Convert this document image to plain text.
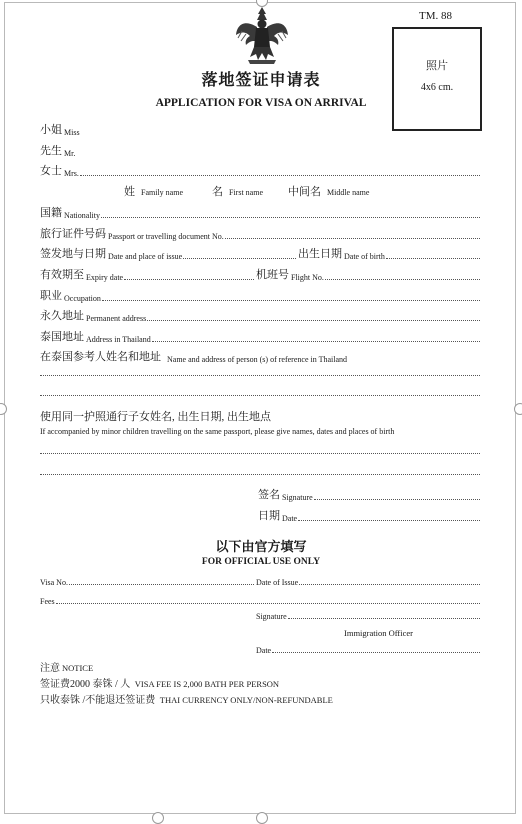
TM. 88
照片
4x6 cm.
落地签证申请表
APPLICATION FOR VISA ON ARRIVAL
小姐 Miss
先生 Mr.
女士 Mrs.
姓 Family name	名 First name 中间名 Middle name
国籍 Nationality
旅行证件号码 Passport or travelling document No.
签发地与日期 Date and place of issue	出生日期 Date of birth
有效期至 Expiry date	机班号 Flight No.
职业 Occupation
永久地址 Permanent address
泰国地址 Address in Thailand
在泰国参考人姓名和地址 Name and address of person (s) of reference in Thailand
使用同一护照通行子女姓名, 出生日期, 出生地点
If accompanied by minor children travelling on the same passport, please give names, dates and places of birth
签名 Signature
日期 Date
以下由官方填写
FOR OFFICIAL USE ONLY
Visa No.	Date of Issue
Fees
Signature
Immigration Officer
Date
注意 NOTICE
签证费2000 泰铢 / 人 VISA FEE IS 2,000 BATH PER PERSON
只收泰铢 /不能退还签证费 THAI CURRENCY ONLY/NON-REFUNDABLE
